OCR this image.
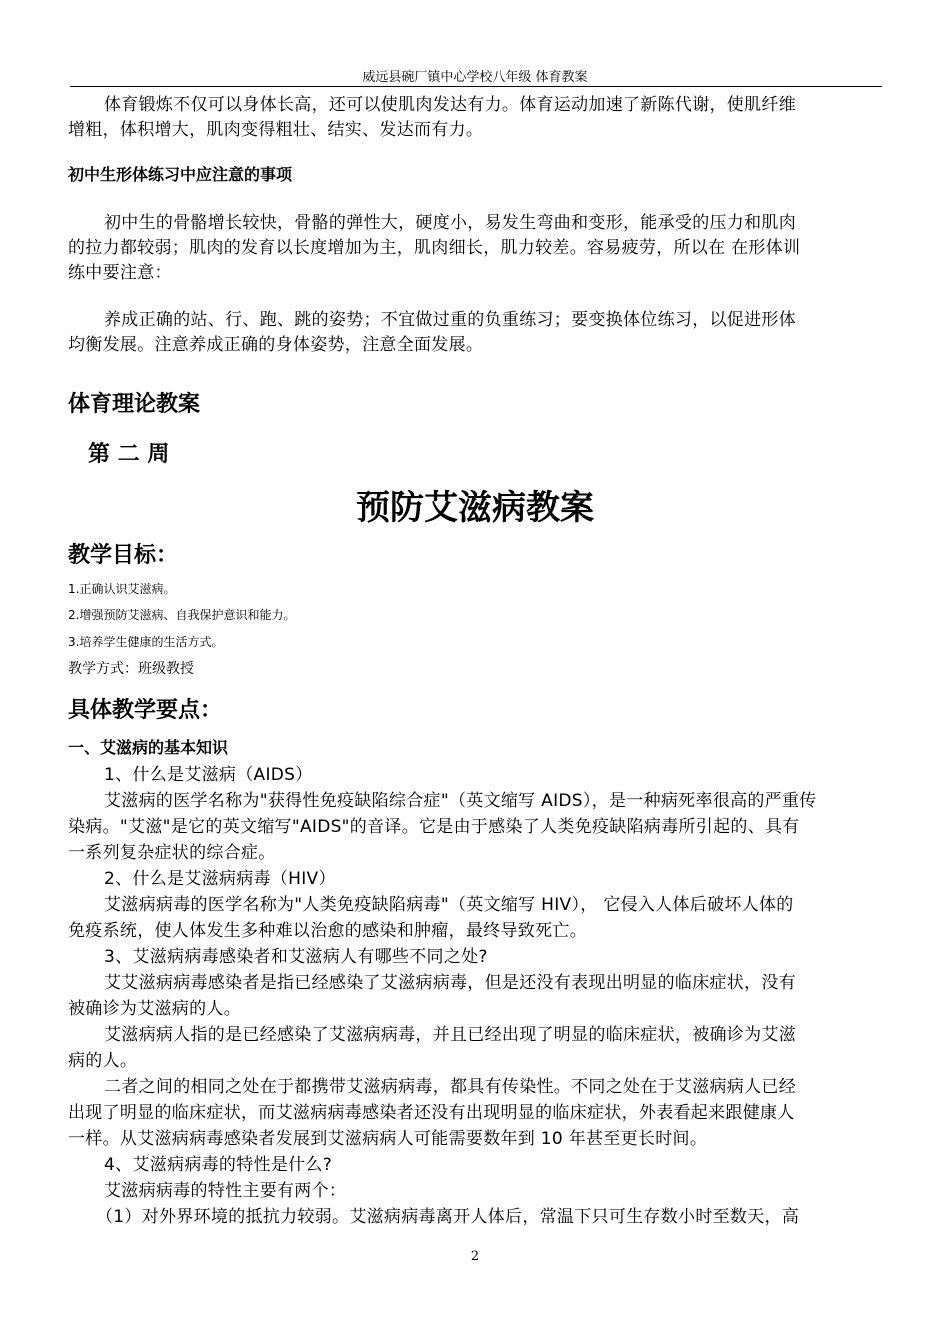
威远县碗厂镇中心学校八年级 体育教案
体育锻炼不仅可以身体长高，还可以使肌肉发达有力。体育运动加速了新陈代谢，使肌纤维
增粗，体积增大，肌肉变得粗壮、结实、发达而有力。
初中生形体练习中应注意的事项
初中生的骨骼增长较快，骨骼的弹性大，硬度小，易发生弯曲和变形，能承受的压力和肌肉
的拉力都较弱；肌肉的发育以长度增加为主，肌肉细长，肌力较差。容易疲劳，所以在 在形体训
练中要注意：
养成正确的站、行、跑、跳的姿势；不宜做过重的负重练习；要变换体位练习，以促进形体
均衡发展。注意养成正确的身体姿势，注意全面发展。
体育理论教案
第 二 周
预防艾滋病教案
教学目标：
1.正确认识艾滋病。
2.增强预防艾滋病、自我保护意识和能力。
3.培养学生健康的生活方式。
教学方式：班级教授
具体教学要点：
一、艾滋病的基本知识
1、什么是艾滋病（AIDS）
艾滋病的医学名称为"获得性免疫缺陷综合症"（英文缩写 AIDS），是一种病死率很高的严重传
染病。"艾滋"是它的英文缩写"AIDS"的音译。它是由于感染了人类免疫缺陷病毒所引起的、具有
一系列复杂症状的综合症。
2、什么是艾滋病病毒（HIV）
艾滋病病毒的医学名称为"人类免疫缺陷病毒"（英文缩写 HIV）， 它侵入人体后破坏人体的
免疫系统，使人体发生多种难以治愈的感染和肿瘤，最终导致死亡。
3、艾滋病病毒感染者和艾滋病人有哪些不同之处?
艾艾滋病病毒感染者是指已经感染了艾滋病病毒，但是还没有表现出明显的临床症状，没有
被确诊为艾滋病的人。
艾滋病病人指的是已经感染了艾滋病病毒，并且已经出现了明显的临床症状，被确诊为艾滋
病的人。
二者之间的相同之处在于都携带艾滋病病毒，都具有传染性。不同之处在于艾滋病病人已经
出现了明显的临床症状，而艾滋病病毒感染者还没有出现明显的临床症状，外表看起来跟健康人
一样。从艾滋病病毒感染者发展到艾滋病病人可能需要数年到 10 年甚至更长时间。
4、艾滋病病毒的特性是什么?
艾滋病病毒的特性主要有两个：
（1）对外界环境的抵抗力较弱。艾滋病病毒离开人体后，常温下只可生存数小时至数天，高
2
